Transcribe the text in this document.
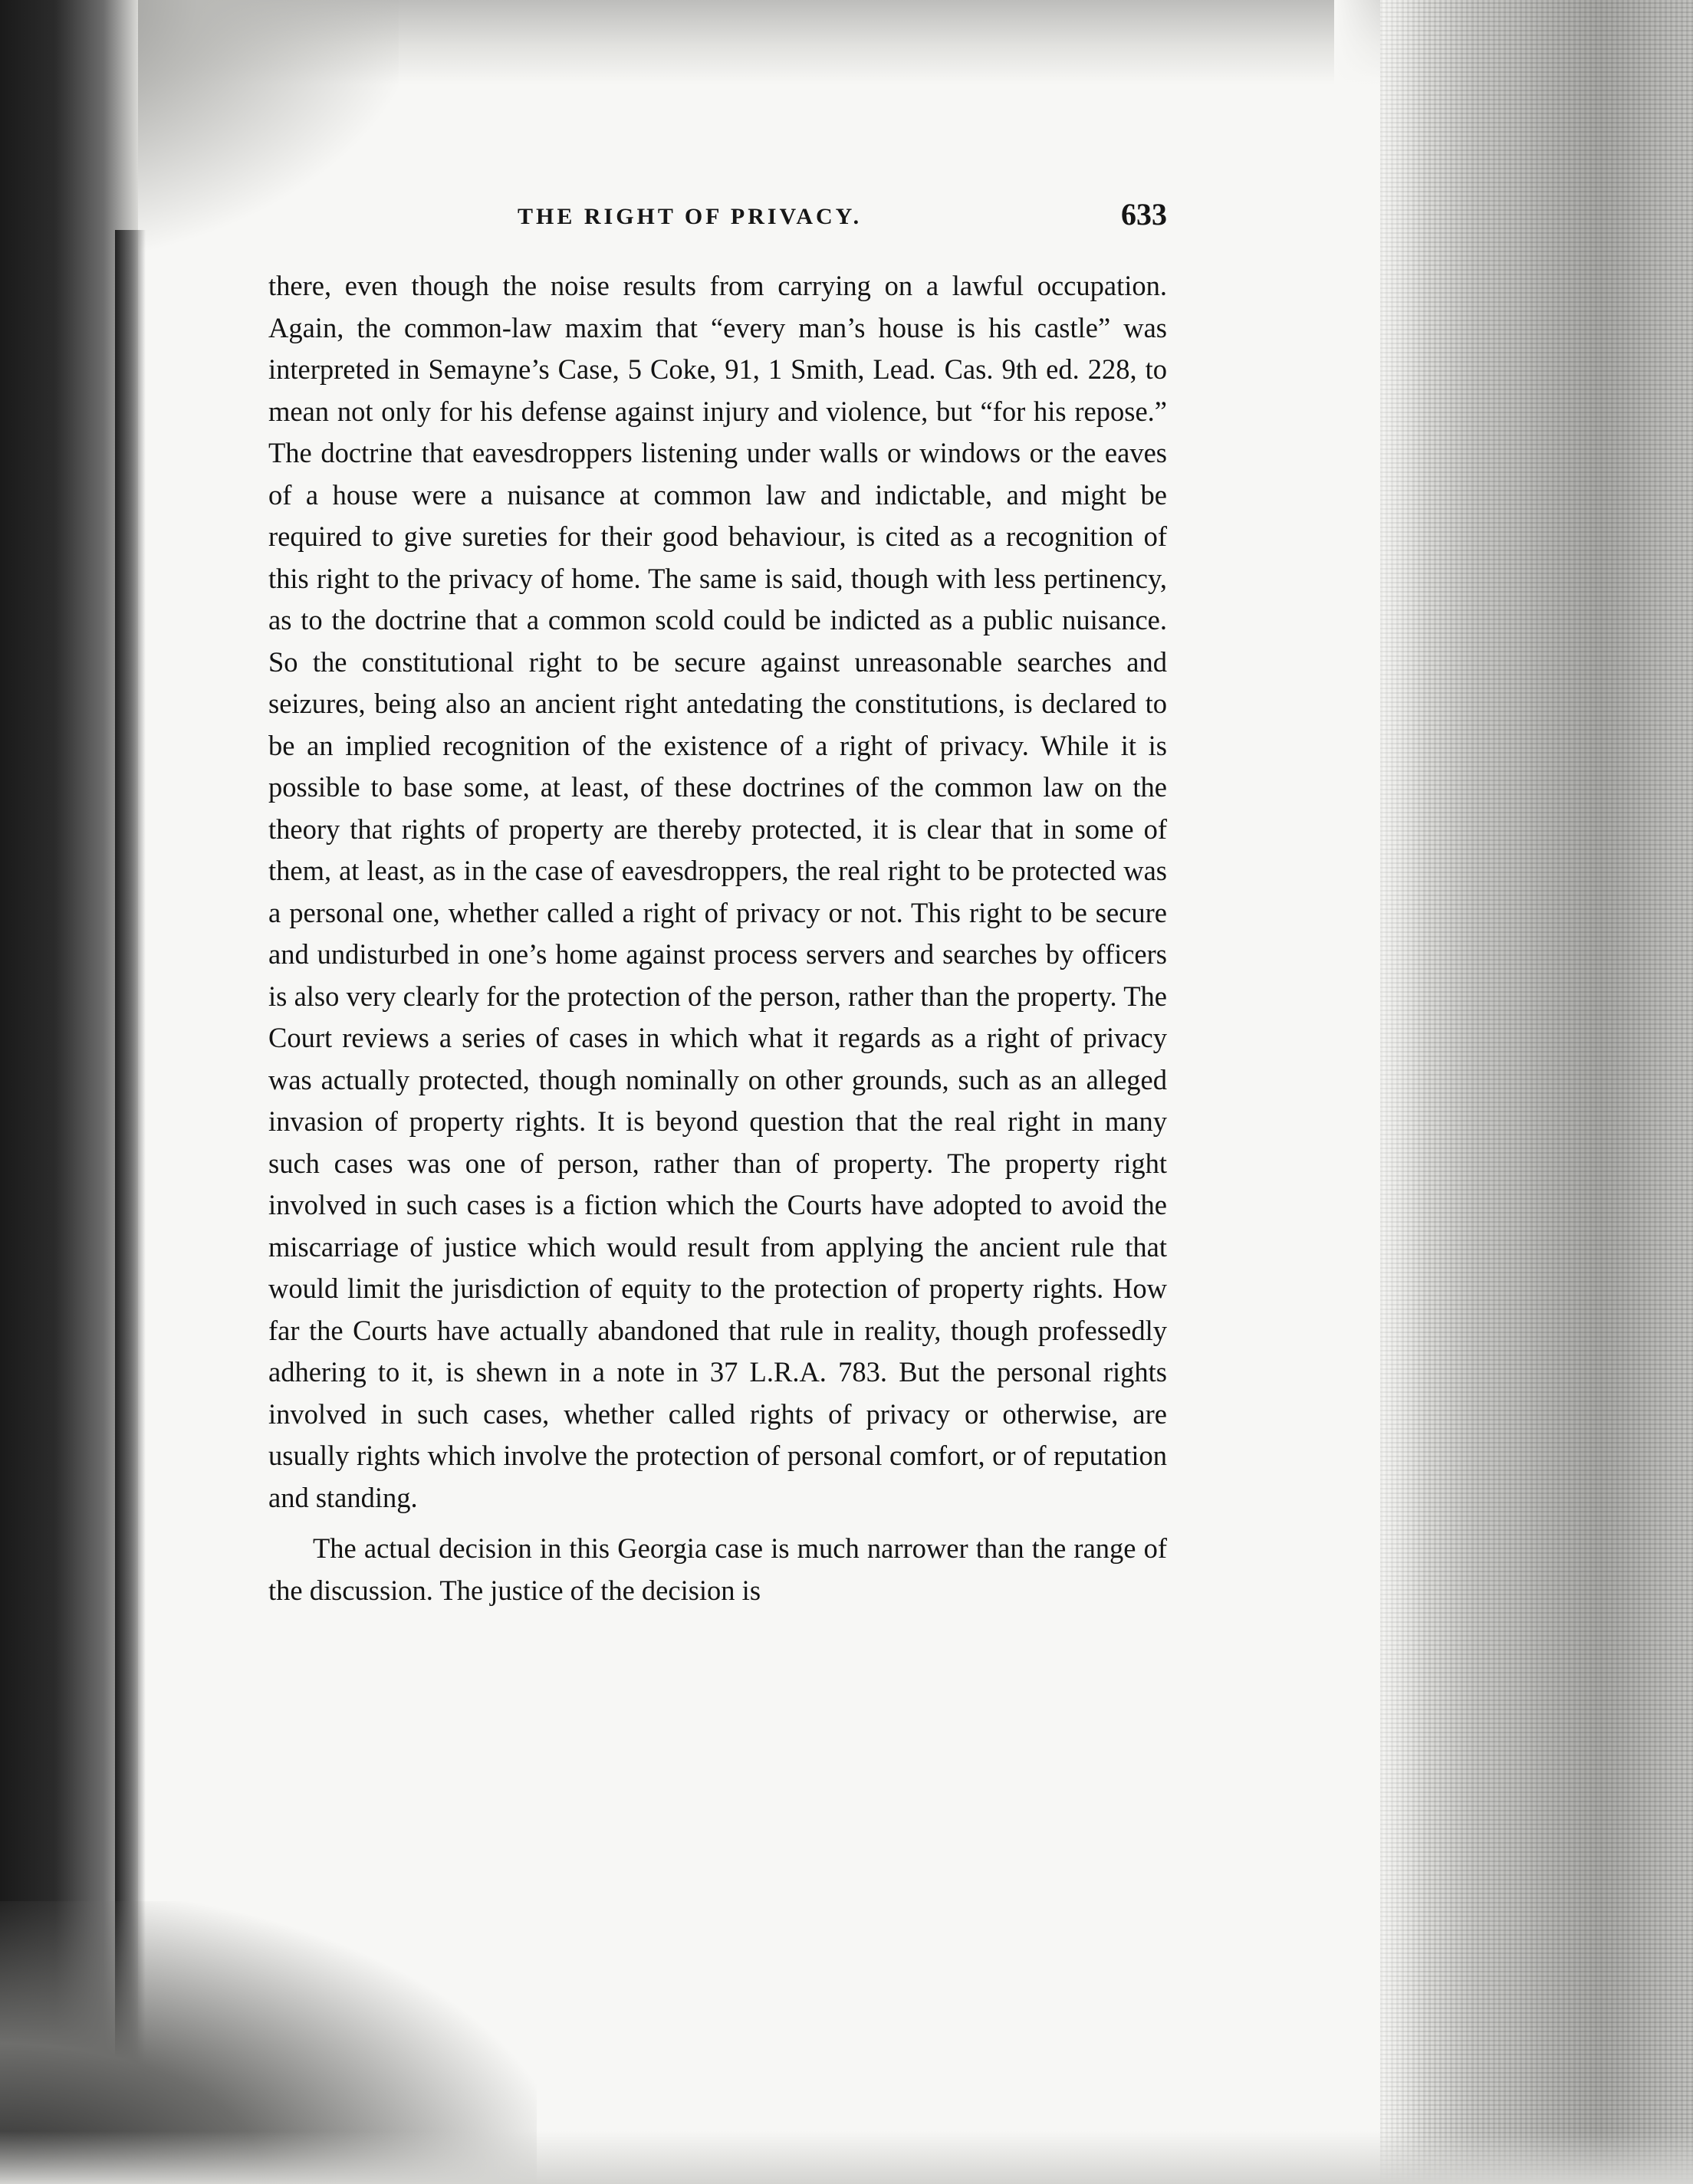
THE RIGHT OF PRIVACY.	633

there, even though the noise results from carrying on a lawful occupation. Again, the common-law maxim that “every man’s house is his castle” was interpreted in Semayne’s Case, 5 Coke, 91, 1 Smith, Lead. Cas. 9th ed. 228, to mean not only for his defense against injury and violence, but “for his repose.” The doctrine that eavesdroppers listening under walls or windows or the eaves of a house were a nuisance at common law and indictable, and might be required to give sureties for their good behaviour, is cited as a recognition of this right to the privacy of home. The same is said, though with less pertinency, as to the doctrine that a common scold could be indicted as a public nuisance. So the constitutional right to be secure against unreasonable searches and seizures, being also an ancient right antedating the constitutions, is declared to be an implied recognition of the existence of a right of privacy. While it is possible to base some, at least, of these doctrines of the common law on the theory that rights of property are thereby protected, it is clear that in some of them, at least, as in the case of eavesdroppers, the real right to be protected was a personal one, whether called a right of privacy or not. This right to be secure and undisturbed in one’s home against process servers and searches by officers is also very clearly for the protection of the person, rather than the property. The Court reviews a series of cases in which what it regards as a right of privacy was actually protected, though nominally on other grounds, such as an alleged invasion of property rights. It is beyond question that the real right in many such cases was one of person, rather than of property. The property right involved in such cases is a fiction which the Courts have adopted to avoid the miscarriage of justice which would result from applying the ancient rule that would limit the jurisdiction of equity to the protection of property rights. How far the Courts have actually abandoned that rule in reality, though professedly adhering to it, is shewn in a note in 37 L.R.A. 783. But the personal rights involved in such cases, whether called rights of privacy or otherwise, are usually rights which involve the protection of personal comfort, or of reputation and standing.

The actual decision in this Georgia case is much narrower than the range of the discussion. The justice of the decision is
